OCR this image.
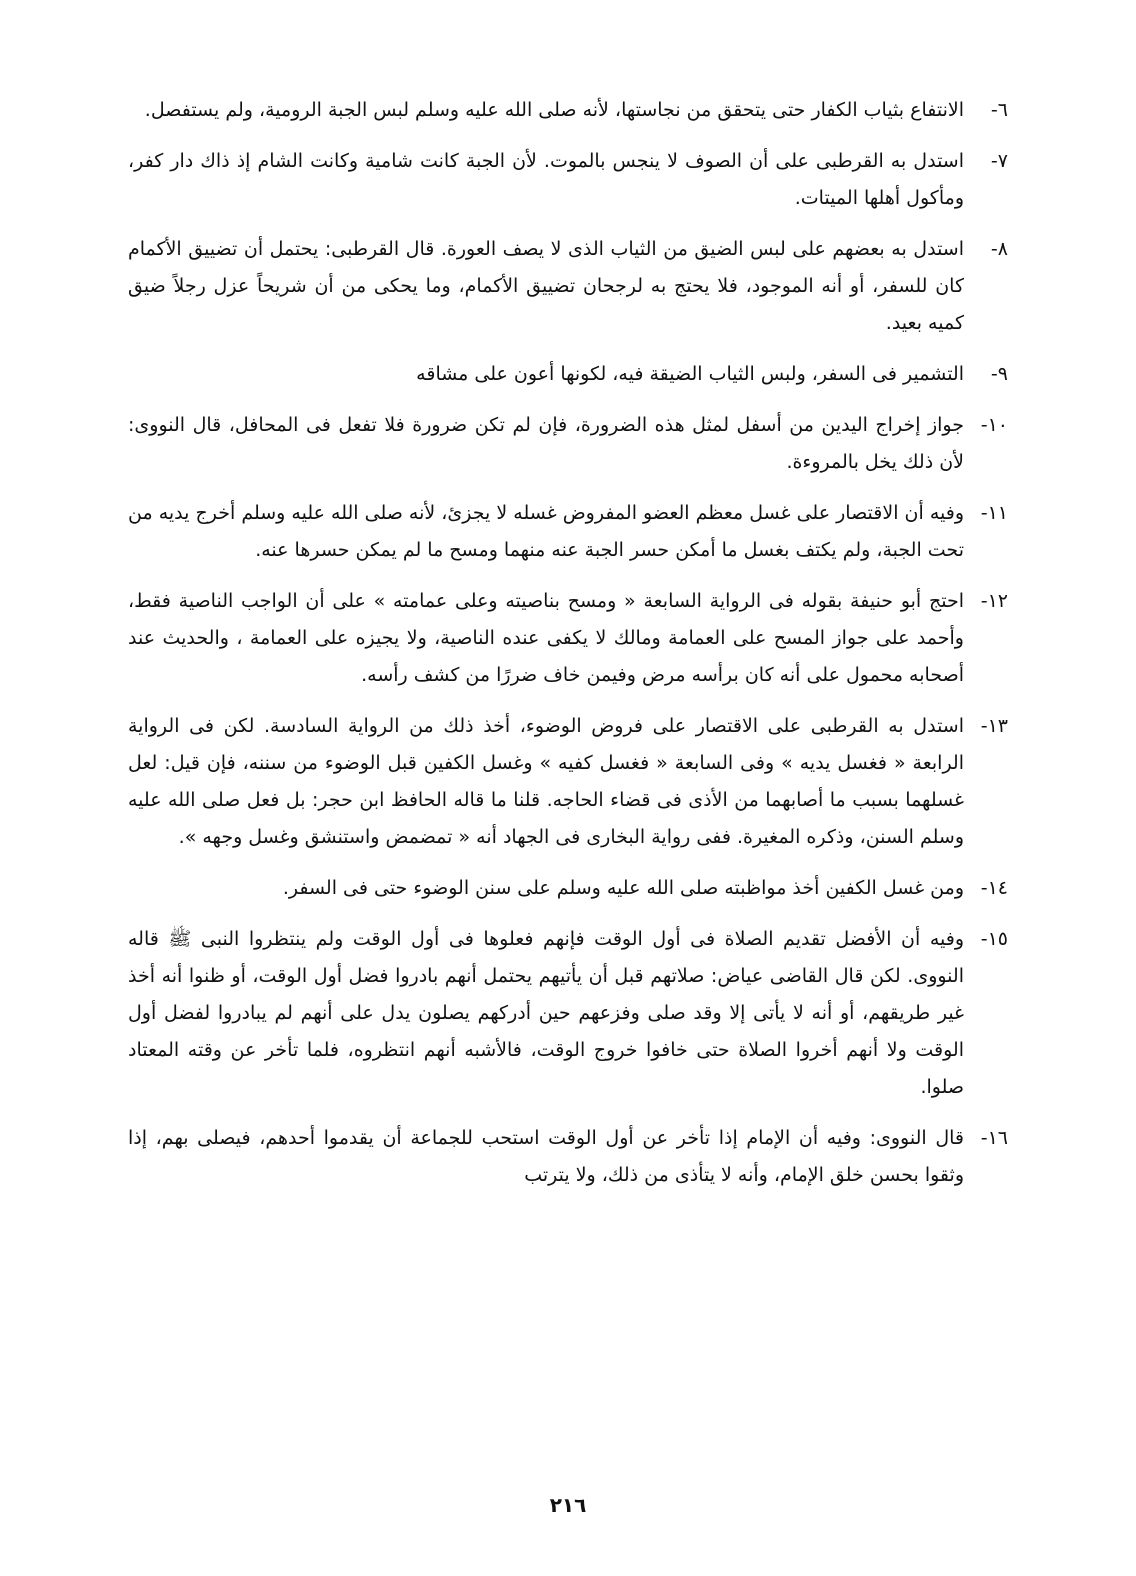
٦-
الانتفاع بثياب الكفار حتى يتحقق من نجاستها، لأنه صلى الله عليه وسلم لبس الجبة الرومية، ولم يستفصل.
٧-
استدل به القرطبى على أن الصوف لا ينجس بالموت. لأن الجبة كانت شامية وكانت الشام إذ ذاك دار كفر، ومأكول أهلها الميتات.
٨-
استدل به بعضهم على لبس الضيق من الثياب الذى لا يصف العورة. قال القرطبى: يحتمل أن تضييق الأكمام كان للسفر، أو أنه الموجود، فلا يحتج به لرجحان تضييق الأكمام، وما يحكى من أن شريحاً عزل رجلاً ضيق كميه بعيد.
٩-
التشمير فى السفر، ولبس الثياب الضيقة فيه، لكونها أعون على مشاقه
١٠-
جواز إخراج اليدين من أسفل لمثل هذه الضرورة، فإن لم تكن ضرورة فلا تفعل فى المحافل، قال النووى: لأن ذلك يخل بالمروءة.
١١-
وفيه أن الاقتصار على غسل معظم العضو المفروض غسله لا يجزئ، لأنه صلى الله عليه وسلم أخرج يديه من تحت الجبة، ولم يكتف بغسل ما أمكن حسر الجبة عنه منهما ومسح ما لم يمكن حسرها عنه.
١٢-
احتج أبو حنيفة بقوله فى الرواية السابعة « ومسح بناصيته وعلى عمامته » على أن الواجب الناصية فقط، وأحمد على جواز المسح على العمامة ومالك لا يكفى عنده الناصية، ولا يجيزه على العمامة ، والحديث عند أصحابه محمول على أنه كان برأسه مرض وفيمن خاف ضررًا من كشف رأسه.
١٣-
استدل به القرطبى على الاقتصار على فروض الوضوء، أخذ ذلك من الرواية السادسة. لكن فى الرواية الرابعة « فغسل يديه » وفى السابعة « فغسل كفيه » وغسل الكفين قبل الوضوء من سننه، فإن قيل: لعل غسلهما بسبب ما أصابهما من الأذى فى قضاء الحاجه. قلنا ما قاله الحافظ ابن حجر: بل فعل صلى الله عليه وسلم السنن، وذكره المغيرة. ففى رواية البخارى فى الجهاد أنه « تمضمض واستنشق وغسل وجهه ».
١٤-
ومن غسل الكفين أخذ مواظبته صلى الله عليه وسلم على سنن الوضوء حتى فى السفر.
١٥-
وفيه أن الأفضل تقديم الصلاة فى أول الوقت فإنهم فعلوها فى أول الوقت ولم ينتظروا النبى ﷺ قاله النووى. لكن قال القاضى عياض: صلاتهم قبل أن يأتيهم يحتمل أنهم بادروا فضل أول الوقت، أو ظنوا أنه أخذ غير طريقهم، أو أنه لا يأتى إلا وقد صلى وفزعهم حين أدركهم يصلون يدل على أنهم لم يبادروا لفضل أول الوقت ولا أنهم أخروا الصلاة حتى خافوا خروج الوقت، فالأشبه أنهم انتظروه، فلما تأخر عن وقته المعتاد صلوا.
١٦-
قال النووى: وفيه أن الإمام إذا تأخر عن أول الوقت استحب للجماعة أن يقدموا أحدهم، فيصلى بهم، إذا وثقوا بحسن خلق الإمام، وأنه لا يتأذى من ذلك، ولا يترتب
٢١٦
